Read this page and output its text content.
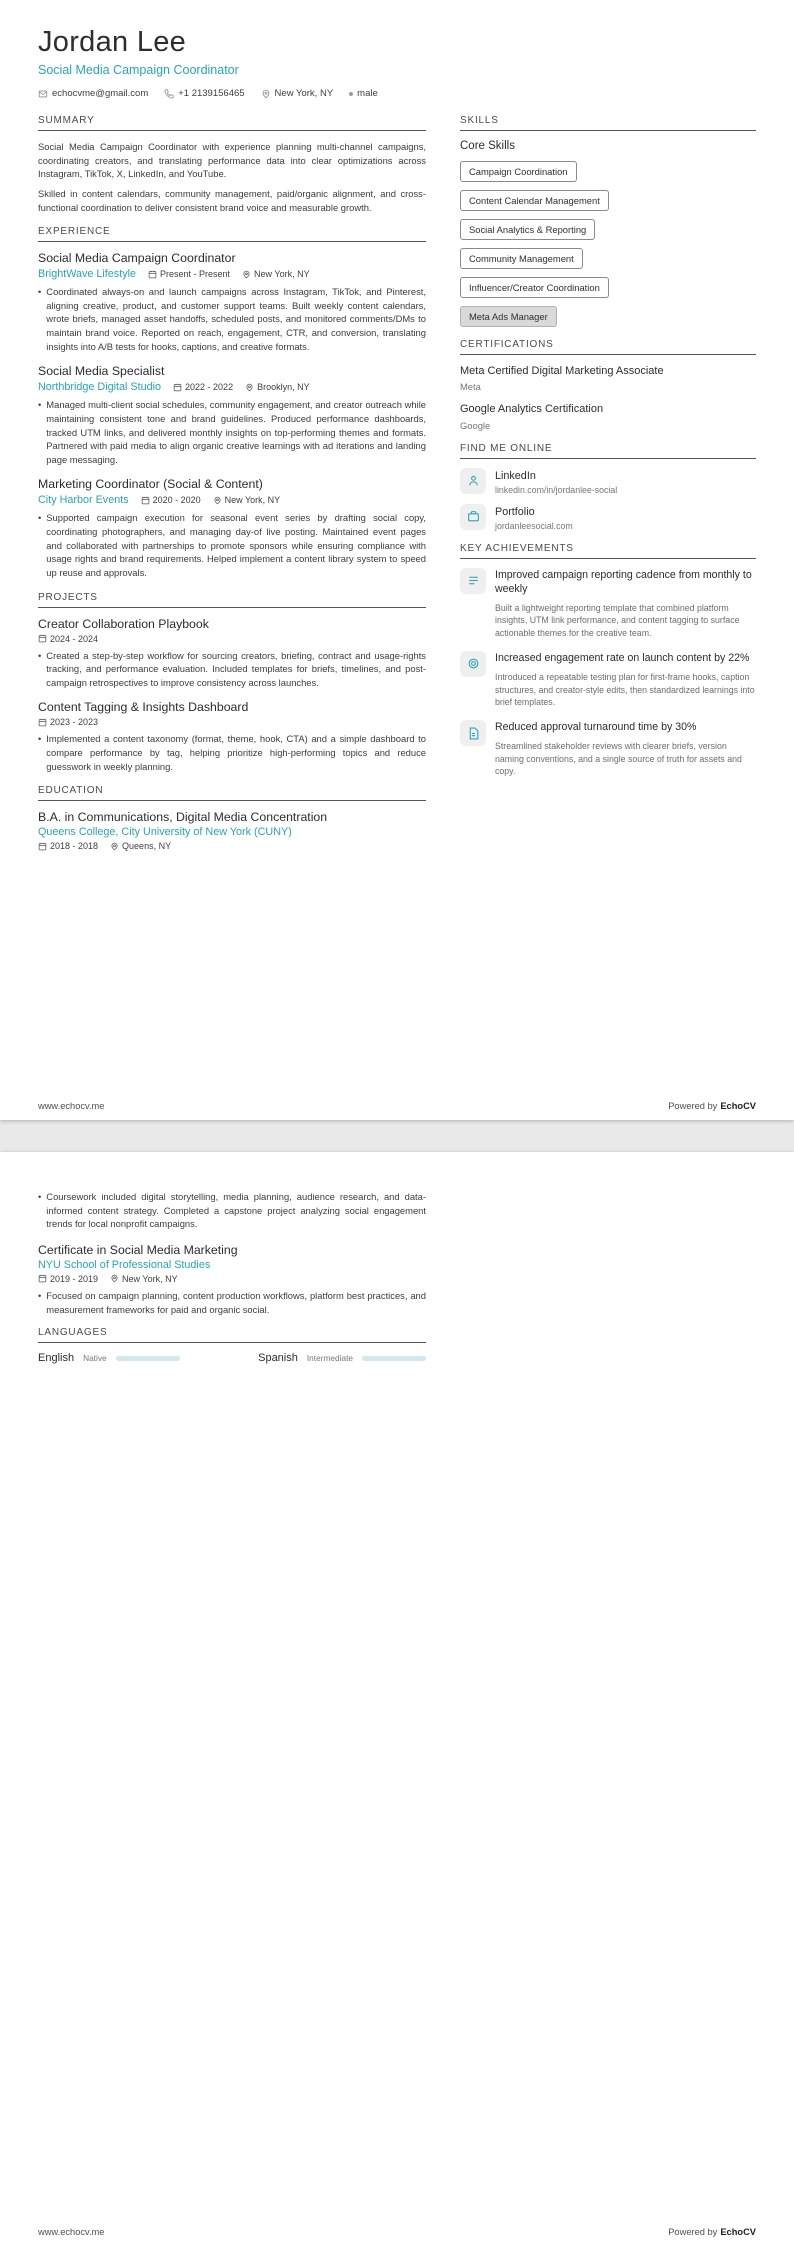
Jordan Lee
Social Media Campaign Coordinator
echocvme@gmail.com	+1 2139156465	New York, NY	male
SUMMARY

Social Media Campaign Coordinator with experience planning multi-channel campaigns, coordinating creators, and translating performance data into clear optimizations across Instagram, TikTok, X, LinkedIn, and YouTube.

Skilled in content calendars, community management, paid/organic alignment, and cross-functional coordination to deliver consistent brand voice and measurable growth.

EXPERIENCE
Social Media Campaign Coordinator
BrightWave Lifestyle	Present - Present	New York, NY
• Coordinated always-on and launch campaigns across Instagram, TikTok, and Pinterest, aligning creative, product, and customer support teams. Built weekly content calendars, wrote briefs, managed asset handoffs, scheduled posts, and monitored comments/DMs to maintain brand voice. Reported on reach, engagement, CTR, and conversion, translating insights into A/B tests for hooks, captions, and creative formats.
Social Media Specialist
Northbridge Digital Studio	2022 - 2022	Brooklyn, NY
• Managed multi-client social schedules, community engagement, and creator outreach while maintaining consistent tone and brand guidelines. Produced performance dashboards, tracked UTM links, and delivered monthly insights on top-performing themes and formats. Partnered with paid media to align organic creative learnings with ad iterations and landing page messaging.
Marketing Coordinator (Social & Content)
City Harbor Events	2020 - 2020	New York, NY
• Supported campaign execution for seasonal event series by drafting social copy, coordinating photographers, and managing day-of live posting. Maintained event pages and collaborated with partnerships to promote sponsors while ensuring compliance with usage rights and brand requirements. Helped implement a content library system to speed up reuse and approvals.
PROJECTS
Creator Collaboration Playbook
2024 - 2024
• Created a step-by-step workflow for sourcing creators, briefing, contract and usage-rights tracking, and performance evaluation. Included templates for briefs, timelines, and post-campaign retrospectives to improve consistency across launches.
Content Tagging & Insights Dashboard
2023 - 2023
• Implemented a content taxonomy (format, theme, hook, CTA) and a simple dashboard to compare performance by tag, helping prioritize high-performing topics and reduce guesswork in weekly planning.
EDUCATION
B.A. in Communications, Digital Media Concentration
Queens College, City University of New York (CUNY)
2018 - 2018	Queens, NY
SKILLS
Core Skills
Campaign Coordination
Content Calendar Management
Social Analytics & Reporting
Community Management
Influencer/Creator Coordination
Meta Ads Manager
CERTIFICATIONS
Meta Certified Digital Marketing Associate
Meta
Google Analytics Certification
Google
FIND ME ONLINE
LinkedIn
linkedin.com/in/jordanlee-social
Portfolio
jordanleesocial.com
KEY ACHIEVEMENTS
Improved campaign reporting cadence from monthly to weekly
Built a lightweight reporting template that combined platform insights, UTM link performance, and content tagging to surface actionable themes for the creative team.
Increased engagement rate on launch content by 22%
Introduced a repeatable testing plan for first-frame hooks, caption structures, and creator-style edits, then standardized learnings into brief templates.
Reduced approval turnaround time by 30%
Streamlined stakeholder reviews with clearer briefs, version naming conventions, and a single source of truth for assets and copy.
www.echocv.me	Powered by EchoCV
• Coursework included digital storytelling, media planning, audience research, and data-informed content strategy. Completed a capstone project analyzing social engagement trends for local nonprofit campaigns.
Certificate in Social Media Marketing
NYU School of Professional Studies
2019 - 2019	New York, NY
• Focused on campaign planning, content production workflows, platform best practices, and measurement frameworks for paid and organic social.
LANGUAGES
English Native	Spanish Intermediate
www.echocv.me	Powered by EchoCV
